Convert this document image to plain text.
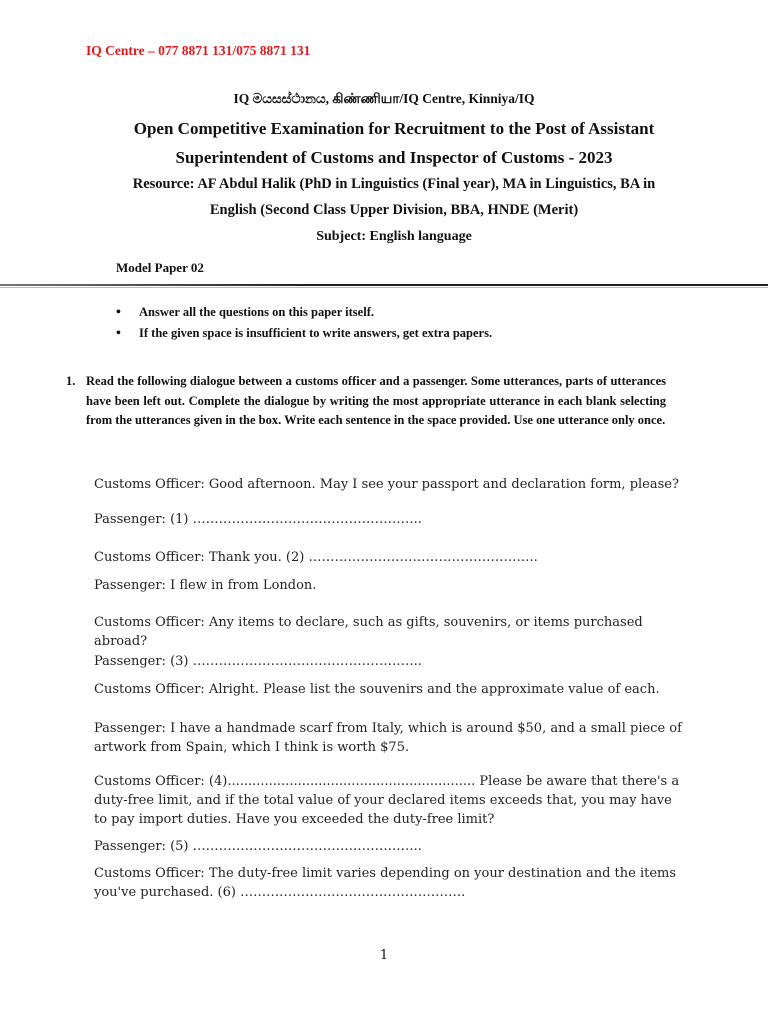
IQ Centre – 077 8871 131/075 8871 131
IQ මයසස්ථානය, கிண்ணியா/IQ Centre, Kinniya/IQ
Open Competitive Examination for Recruitment to the Post of Assistant
Superintendent of Customs and Inspector of Customs - 2023
Resource: AF Abdul Halik (PhD in Linguistics (Final year), MA in Linguistics, BA in
English (Second Class Upper Division, BBA, HNDE (Merit)
Subject: English language
Model Paper 02
• Answer all the questions on this paper itself.
• If the given space is insufficient to write answers, get extra papers.
1. Read the following dialogue between a customs officer and a passenger. Some utterances, parts of utterances have been left out. Complete the dialogue by writing the most appropriate utterance in each blank selecting from the utterances given in the box. Write each sentence in the space provided. Use one utterance only once.
Customs Officer: Good afternoon. May I see your passport and declaration form, please?
Passenger: (1) ……………………………………………..
Customs Officer: Thank you. (2) ……………………………………………..
Passenger: I flew in from London.
Customs Officer: Any items to declare, such as gifts, souvenirs, or items purchased abroad?
Passenger: (3) ……………………………………………..
Customs Officer: Alright. Please list the souvenirs and the approximate value of each.
Passenger: I have a handmade scarf from Italy, which is around $50, and a small piece of artwork from Spain, which I think is worth $75.
Customs Officer: (4)............................................................ Please be aware that there's a duty-free limit, and if the total value of your declared items exceeds that, you may have to pay import duties. Have you exceeded the duty-free limit?
Passenger: (5) ……………………………………………..
Customs Officer: The duty-free limit varies depending on your destination and the items you've purchased. (6) …………………………………………….
1
